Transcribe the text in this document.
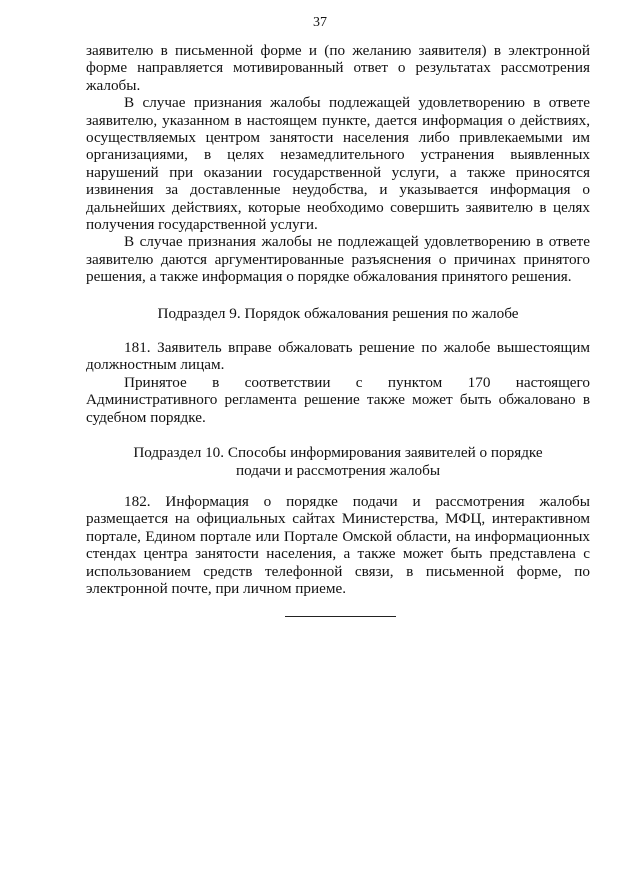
37

заявителю в письменной форме и (по желанию заявителя) в электронной форме направляется мотивированный ответ о результатах рассмотрения жалобы.

В случае признания жалобы подлежащей удовлетворению в ответе заявителю, указанном в настоящем пункте, дается информация о действиях, осуществляемых центром занятости населения либо привлекаемыми им организациями, в целях незамедлительного устранения выявленных нарушений при оказании государственной услуги, а также приносятся извинения за доставленные неудобства, и указывается информация о дальнейших действиях, которые необходимо совершить заявителю в целях получения государственной услуги.

В случае признания жалобы не подлежащей удовлетворению в ответе заявителю даются аргументированные разъяснения о причинах принятого решения, а также информация о порядке обжалования принятого решения.

Подраздел 9. Порядок обжалования решения по жалобе

181. Заявитель вправе обжаловать решение по жалобе вышестоящим должностным лицам.

Принятое в соответствии с пунктом 170 настоящего Административного регламента решение также может быть обжаловано в судебном порядке.

Подраздел 10. Способы информирования заявителей о порядке
подачи и рассмотрения жалобы

182. Информация о порядке подачи и рассмотрения жалобы размещается на официальных сайтах Министерства, МФЦ, интерактивном портале, Едином портале или Портале Омской области, на информационных стендах центра занятости населения, а также может быть представлена с использованием средств телефонной связи, в письменной форме, по электронной почте, при личном приеме.
